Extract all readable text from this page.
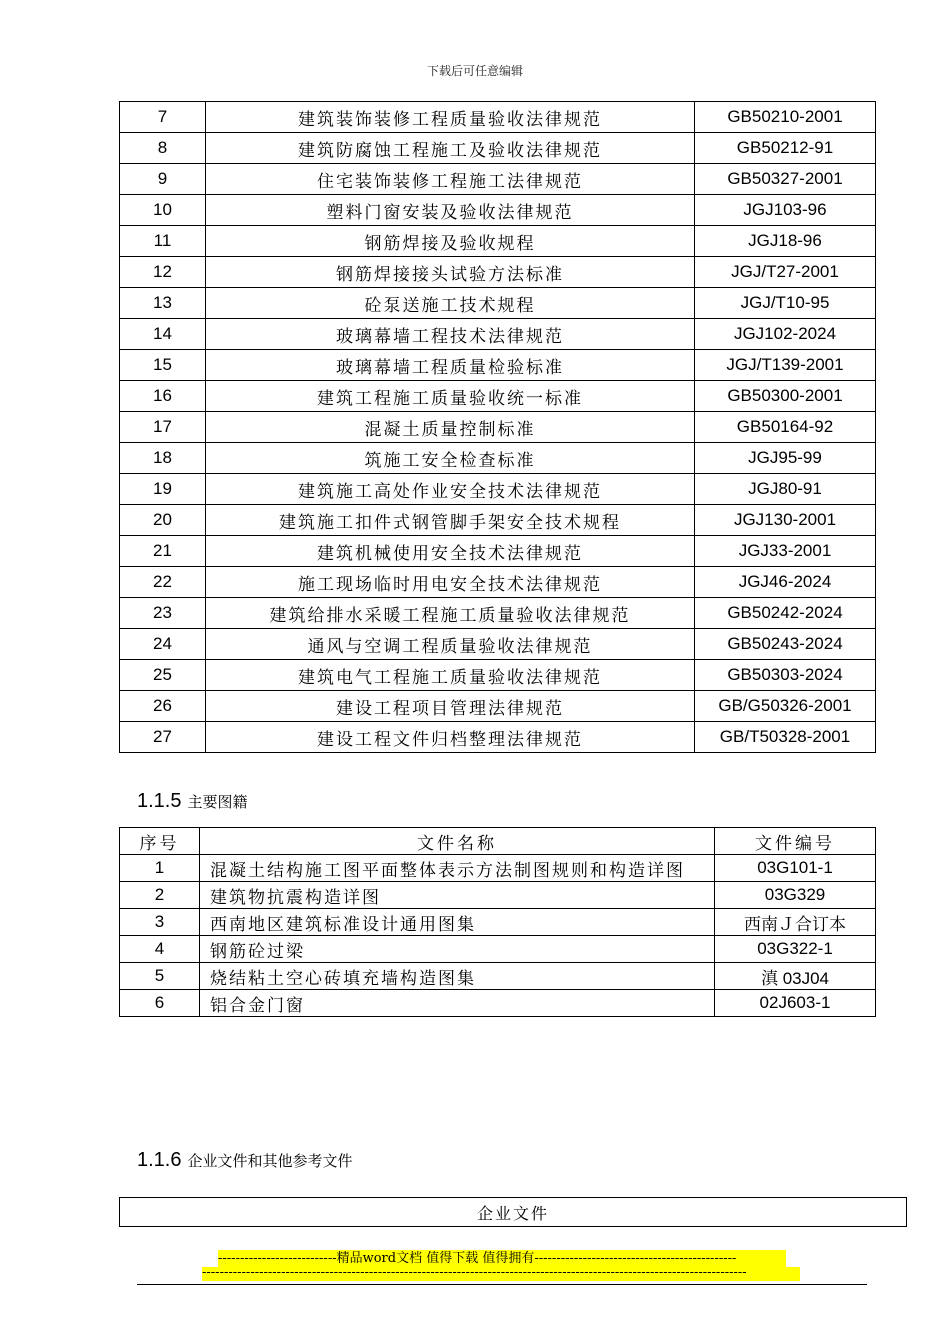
下载后可任意编辑
7	建筑装饰装修工程质量验收法律规范	GB50210-2001
8	建筑防腐蚀工程施工及验收法律规范	GB50212-91
9	住宅装饰装修工程施工法律规范	GB50327-2001
10	塑料门窗安装及验收法律规范	JGJ103-96
11	钢筋焊接及验收规程	JGJ18-96
12	钢筋焊接接头试验方法标准	JGJ/T27-2001
13	砼泵送施工技术规程	JGJ/T10-95
14	玻璃幕墙工程技术法律规范	JGJ102-2024
15	玻璃幕墙工程质量检验标准	JGJ/T139-2001
16	建筑工程施工质量验收统一标准	GB50300-2001
17	混凝土质量控制标准	GB50164-92
18	筑施工安全检查标准	JGJ95-99
19	建筑施工高处作业安全技术法律规范	JGJ80-91
20	建筑施工扣件式钢管脚手架安全技术规程	JGJ130-2001
21	建筑机械使用安全技术法律规范	JGJ33-2001
22	施工现场临时用电安全技术法律规范	JGJ46-2024
23	建筑给排水采暖工程施工质量验收法律规范	GB50242-2024
24	通风与空调工程质量验收法律规范	GB50243-2024
25	建筑电气工程施工质量验收法律规范	GB50303-2024
26	建设工程项目管理法律规范	GB/G50326-2001
27	建设工程文件归档整理法律规范	GB/T50328-2001
1.1.5 主要图籍
序号	文件名称	文件编号
1	混凝土结构施工图平面整体表示方法制图规则和构造详图	03G101-1
2	建筑物抗震构造详图	03G329
3	西南地区建筑标准设计通用图集	西南Ｊ合订本
4	钢筋砼过梁	03G322-1
5	烧结粘土空心砖填充墙构造图集	滇 03J04
6	铝合金门窗	02J603-1
1.1.6 企业文件和其他参考文件
企业文件
---------------------------精品word文档 值得下载 值得拥有----------------------------------------------
----------------------------------------------------------------------------------------------------------------------------
